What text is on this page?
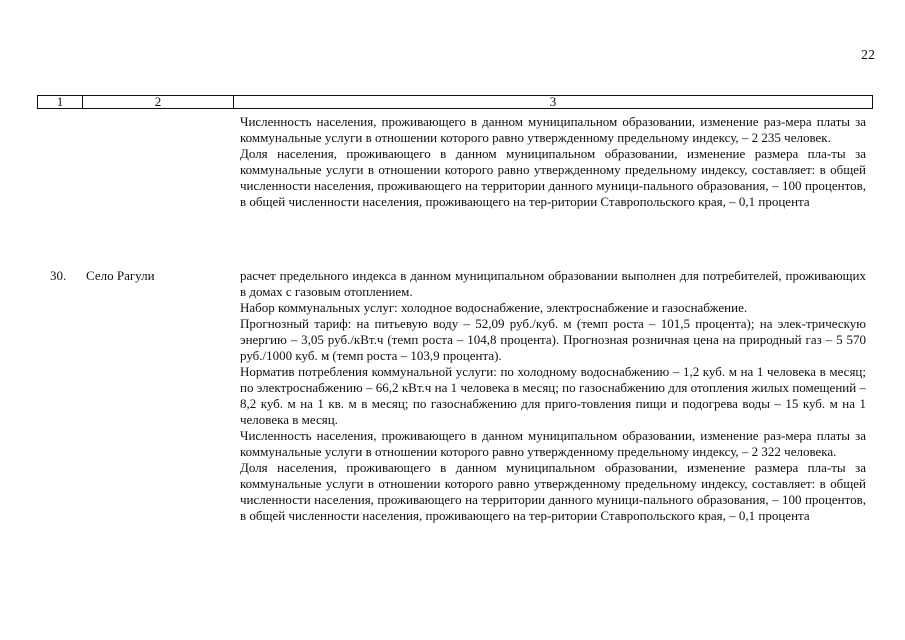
22
1	2	3

Численность населения, проживающего в данном муниципальном образовании, изменение раз-мера платы за коммунальные услуги в отношении которого равно утвержденному предельному индексу, – 2 235 человек.

Доля населения, проживающего в данном муниципальном образовании, изменение размера пла-ты за коммунальные услуги в отношении которого равно утвержденному предельному индексу, составляет: в общей численности населения, проживающего на территории данного муници-пального образования, – 100 процентов, в общей численности населения, проживающего на тер-ритории Ставропольского края, – 0,1 процента

30. Село Рагули	расчет предельного индекса в данном муниципальном образовании выполнен для потребителей, проживающих в домах с газовым отоплением.

Набор коммунальных услуг: холодное водоснабжение, электроснабжение и газоснабжение.

Прогнозный тариф: на питьевую воду – 52,09 руб./куб. м (темп роста – 101,5 процента); на элек-трическую энергию – 3,05 руб./кВт.ч (темп роста – 104,8 процента). Прогнозная розничная цена на природный газ – 5 570 руб./1000 куб. м (темп роста – 103,9 процента).

Норматив потребления коммунальной услуги: по холодному водоснабжению – 1,2 куб. м на 1 человека в месяц; по электроснабжению – 66,2 кВт.ч на 1 человека в месяц; по газоснабжению для отопления жилых помещений – 8,2 куб. м на 1 кв. м в месяц; по газоснабжению для приго-товления пищи и подогрева воды – 15 куб. м на 1 человека в месяц.

Численность населения, проживающего в данном муниципальном образовании, изменение раз-мера платы за коммунальные услуги в отношении которого равно утвержденному предельному индексу, – 2 322 человека.

Доля населения, проживающего в данном муниципальном образовании, изменение размера пла-ты за коммунальные услуги в отношении которого равно утвержденному предельному индексу, составляет: в общей численности населения, проживающего на территории данного муници-пального образования, – 100 процентов, в общей численности населения, проживающего на тер-ритории Ставропольского края, – 0,1 процента
